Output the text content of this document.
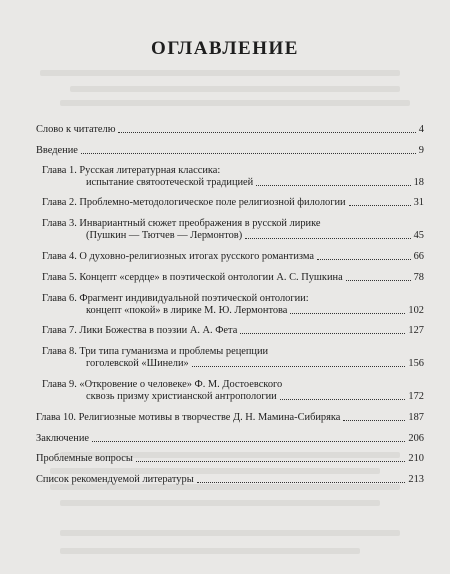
ОГЛАВЛЕНИЕ
Слово к читателю	4
Введение	9
Глава 1. Русская литературная классика:
испытание святоотеческой традицией	18
Глава 2. Проблемно-методологическое поле религиозной филологии	31
Глава 3. Инвариантный сюжет преображения в русской лирике
(Пушкин — Тютчев — Лермонтов)	45
Глава 4. О духовно-религиозных итогах русского романтизма	66
Глава 5. Концепт «сердце» в поэтической онтологии А. С. Пушкина	78
Глава 6. Фрагмент индивидуальной поэтической онтологии:
концепт «покой» в лирике М. Ю. Лермонтова	102
Глава 7. Лики Божества в поэзии А. А. Фета	127
Глава 8. Три типа гуманизма и проблемы рецепции
гоголевской «Шинели»	156
Глава 9. «Откровение о человеке» Ф. М. Достоевского
сквозь призму христианской антропологии	172
Глава 10. Религиозные мотивы в творчестве Д. Н. Мамина-Сибиряка	187
Заключение	206
Проблемные вопросы	210
Список рекомендуемой литературы	213
